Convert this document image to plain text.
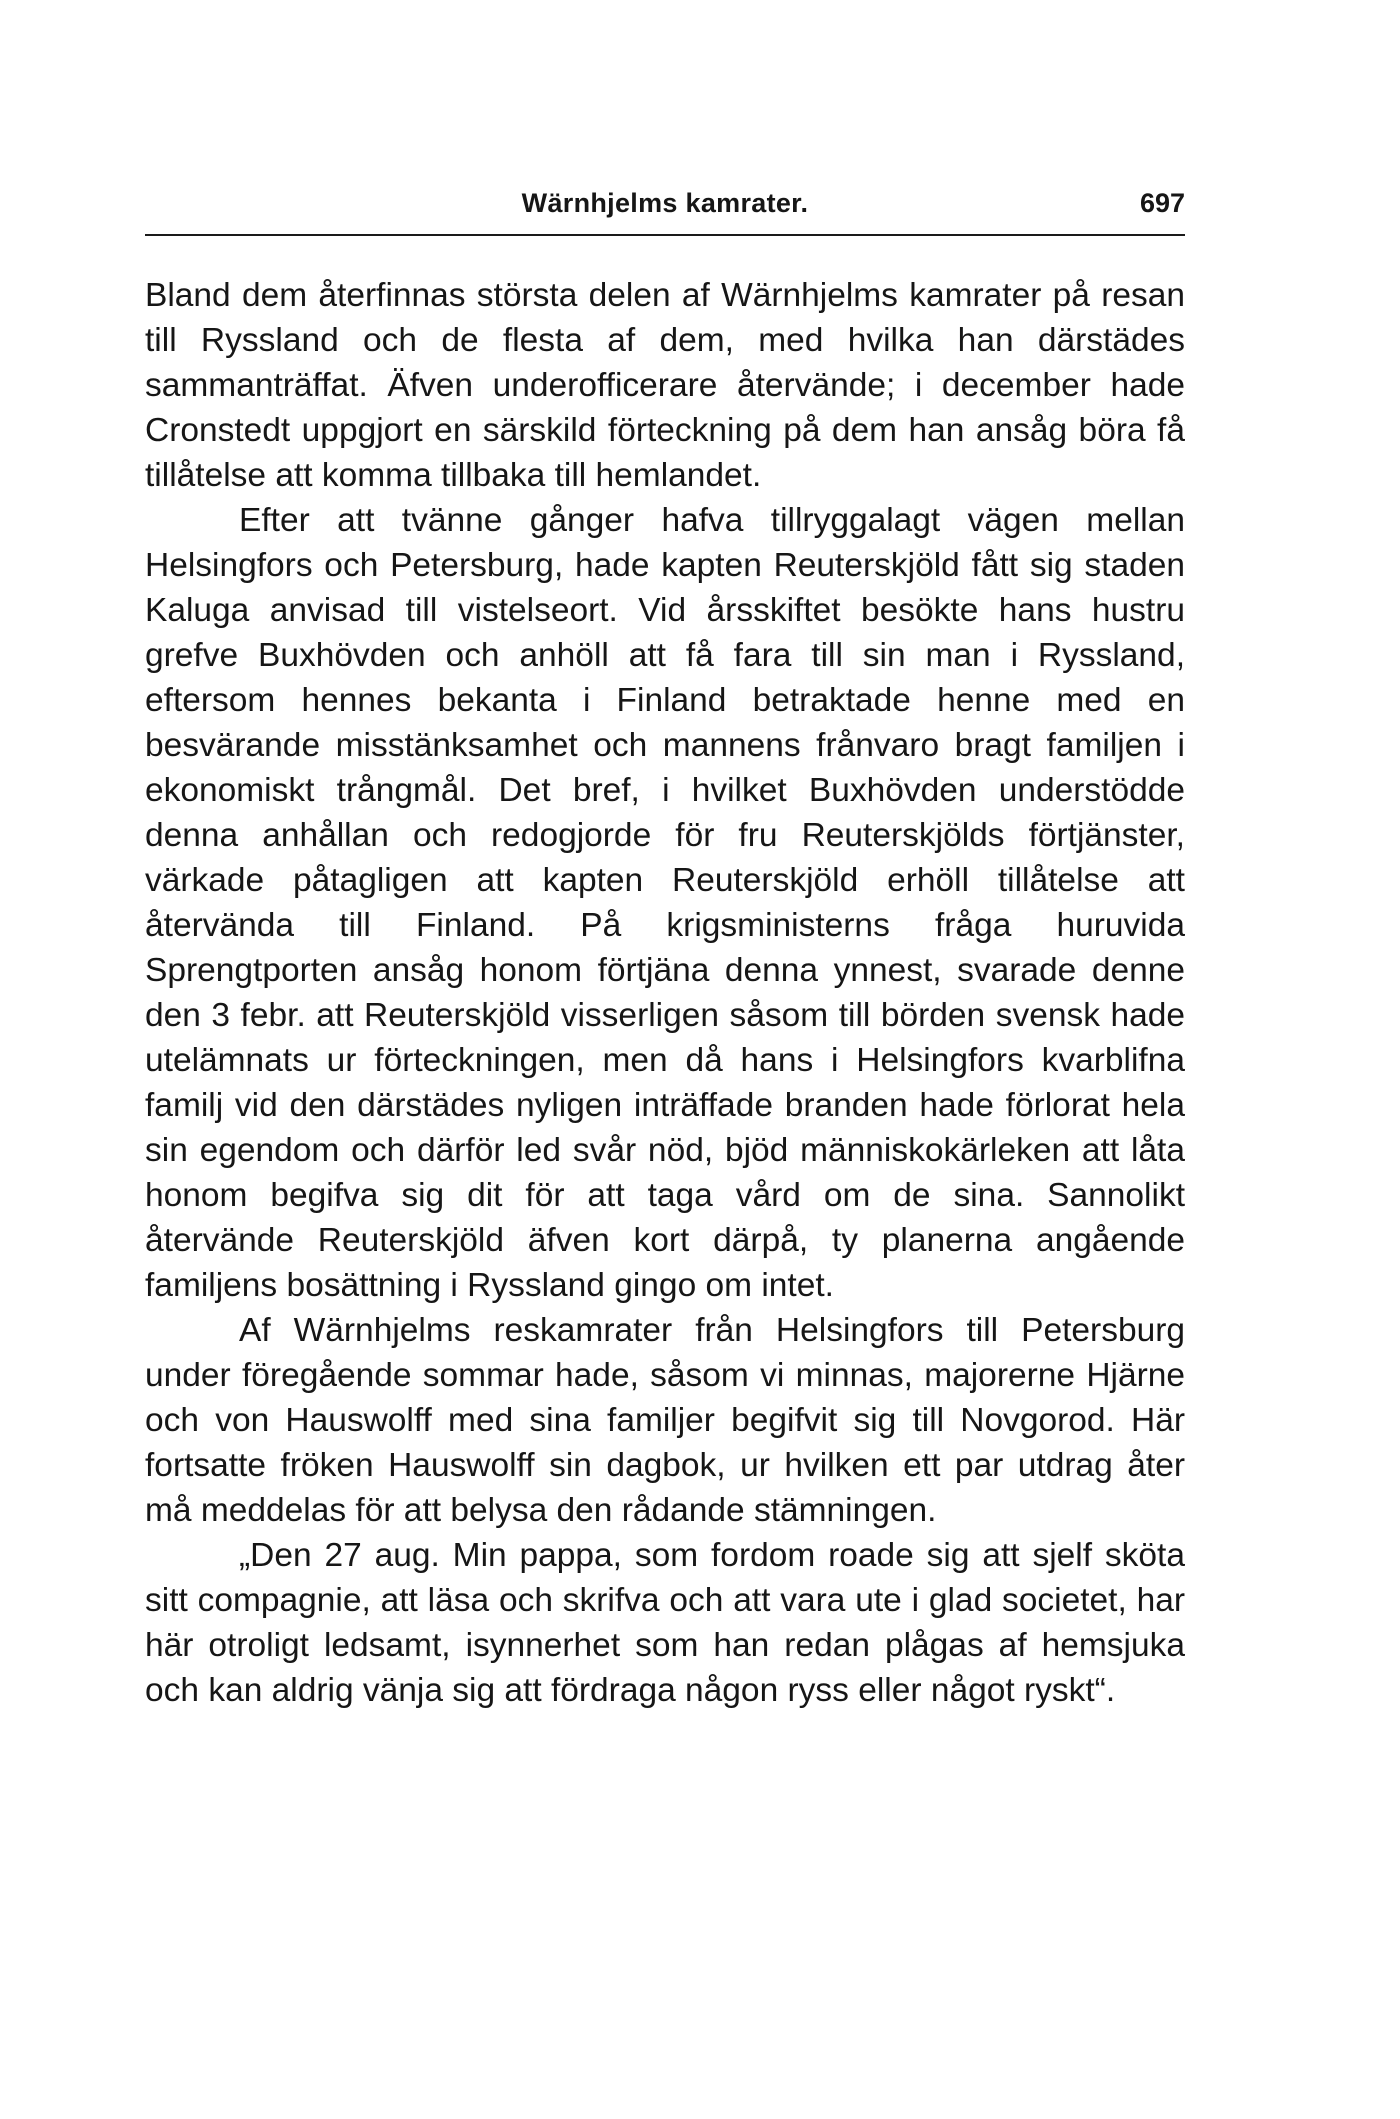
Wärnhjelms kamrater.	697

Bland dem återfinnas största delen af Wärnhjelms kamrater på resan till Ryssland och de flesta af dem, med hvilka han därstädes sammanträffat. Äfven underofficerare återvände; i december hade Cronstedt uppgjort en särskild förteckning på dem han ansåg böra få tillåtelse att komma tillbaka till hemlandet.

Efter att tvänne gånger hafva tillryggalagt vägen mellan Helsingfors och Petersburg, hade kapten Reuterskjöld fått sig staden Kaluga anvisad till vistelseort. Vid årsskiftet besökte hans hustru grefve Buxhövden och anhöll att få fara till sin man i Ryssland, eftersom hennes bekanta i Finland betraktade henne med en besvärande misstänksamhet och mannens frånvaro bragt familjen i ekonomiskt trångmål. Det bref, i hvilket Buxhövden understödde denna anhållan och redogjorde för fru Reuterskjölds förtjänster, värkade påtagligen att kapten Reuterskjöld erhöll tillåtelse att återvända till Finland. På krigsministerns fråga huruvida Sprengtporten ansåg honom förtjäna denna ynnest, svarade denne den 3 febr. att Reuterskjöld visserligen såsom till börden svensk hade utelämnats ur förteckningen, men då hans i Helsingfors kvarblifna familj vid den därstädes nyligen inträffade branden hade förlorat hela sin egendom och därför led svår nöd, bjöd människokärleken att låta honom begifva sig dit för att taga vård om de sina. Sannolikt återvände Reuterskjöld äfven kort därpå, ty planerna angående familjens bosättning i Ryssland gingo om intet.

Af Wärnhjelms reskamrater från Helsingfors till Petersburg under föregående sommar hade, såsom vi minnas, majorerne Hjärne och von Hauswolff med sina familjer begifvit sig till Novgorod. Här fortsatte fröken Hauswolff sin dagbok, ur hvilken ett par utdrag åter må meddelas för att belysa den rådande stämningen.

„Den 27 aug. Min pappa, som fordom roade sig att sjelf sköta sitt compagnie, att läsa och skrifva och att vara ute i glad societet, har här otroligt ledsamt, isynnerhet som han redan plågas af hemsjuka och kan aldrig vänja sig att fördraga någon ryss eller något ryskt“.
